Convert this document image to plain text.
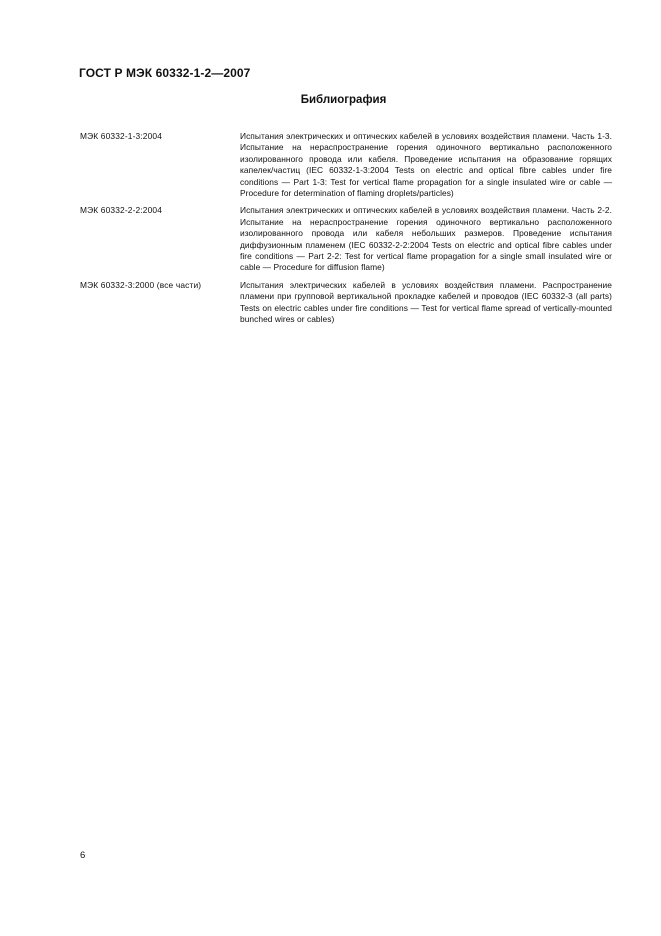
ГОСТ Р МЭК 60332-1-2—2007
Библиография
МЭК 60332-1-3:2004	Испытания электрических и оптических кабелей в условиях воздействия пламени. Часть 1-3. Испытание на нераспространение горения одиночного вертикально расположенного изолированного провода или кабеля. Проведение испытания на образование горящих капелек/частиц (IEC 60332-1-3:2004 Tests on electric and optical fibre cables under fire conditions — Part 1-3: Test for vertical flame propagation for a single insulated wire or cable — Procedure for determination of flaming droplets/particles)
МЭК 60332-2-2:2004	Испытания электрических и оптических кабелей в условиях воздействия пламени. Часть 2-2. Испытание на нераспространение горения одиночного вертикально расположенного изолированного провода или кабеля небольших размеров. Проведение испытания диффузионным пламенем (IEC 60332-2-2:2004 Tests on electric and optical fibre cables under fire conditions — Part 2-2: Test for vertical flame propagation for a single small insulated wire or cable — Procedure for diffusion flame)
МЭК 60332-3:2000 (все части)	Испытания электрических кабелей в условиях воздействия пламени. Распространение пламени при групповой вертикальной прокладке кабелей и проводов (IEC 60332-3 (all parts) Tests on electric cables under fire conditions — Test for vertical flame spread of vertically-mounted bunched wires or cables)
6
